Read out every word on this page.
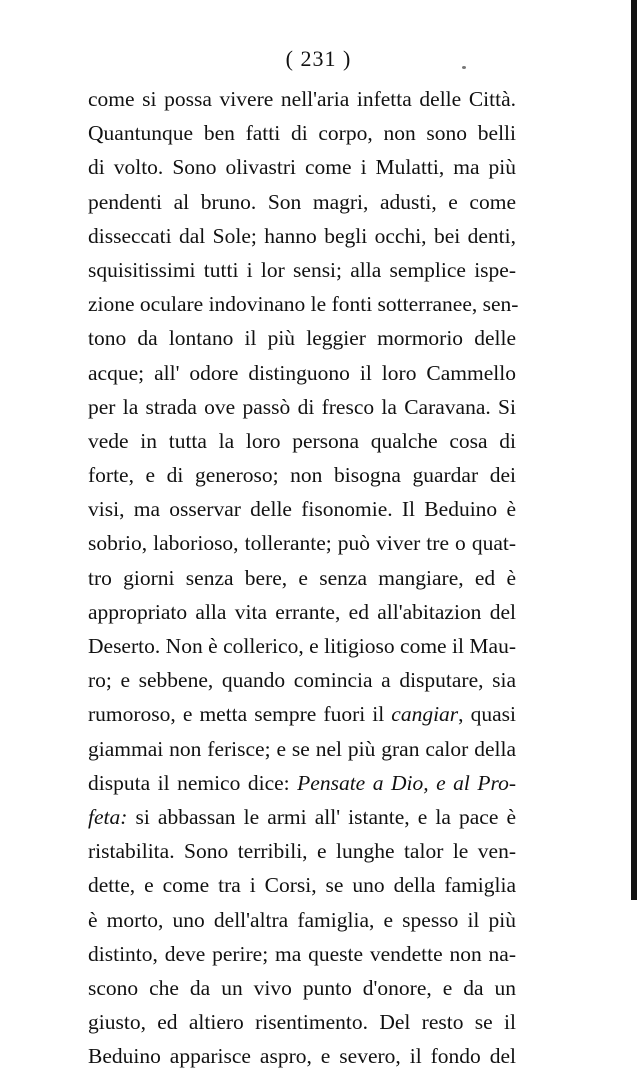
( 231 )
come si possa vivere nell'aria infetta delle Città.
Quantunque ben fatti di corpo, non sono belli
di volto. Sono olivastri come i Mulatti, ma più
pendenti al bruno. Son magri, adusti, e come
disseccati dal Sole; hanno begli occhi, bei denti,
squisitissimi tutti i lor sensi; alla semplice ispe-
zione oculare indovinano le fonti sotterranee, sen-
tono da lontano il più leggier mormorio delle
acque; all' odore distinguono il loro Cammello
per la strada ove passò di fresco la Caravana. Si
vede in tutta la loro persona qualche cosa di
forte, e di generoso; non bisogna guardar dei
visi, ma osservar delle fisonomie. Il Beduino è
sobrio, laborioso, tollerante; può viver tre o quat-
tro giorni senza bere, e senza mangiare, ed è
appropriato alla vita errante, ed all'abitazion del
Deserto. Non è collerico, e litigioso come il Mau-
ro; e sebbene, quando comincia a disputare, sia
rumoroso, e metta sempre fuori il cangiar, quasi
giammai non ferisce; e se nel più gran calor della
disputa il nemico dice: Pensate a Dio, e al Pro-
feta: si abbassan le armi all' istante, e la pace è
ristabilita. Sono terribili, e lunghe talor le ven-
dette, e come tra i Corsi, se uno della famiglia
è morto, uno dell'altra famiglia, e spesso il più
distinto, deve perire; ma queste vendette non na-
scono che da un vivo punto d'onore, e da un
giusto, ed altiero risentimento. Del resto se il
Beduino apparisce aspro, e severo, il fondo del
